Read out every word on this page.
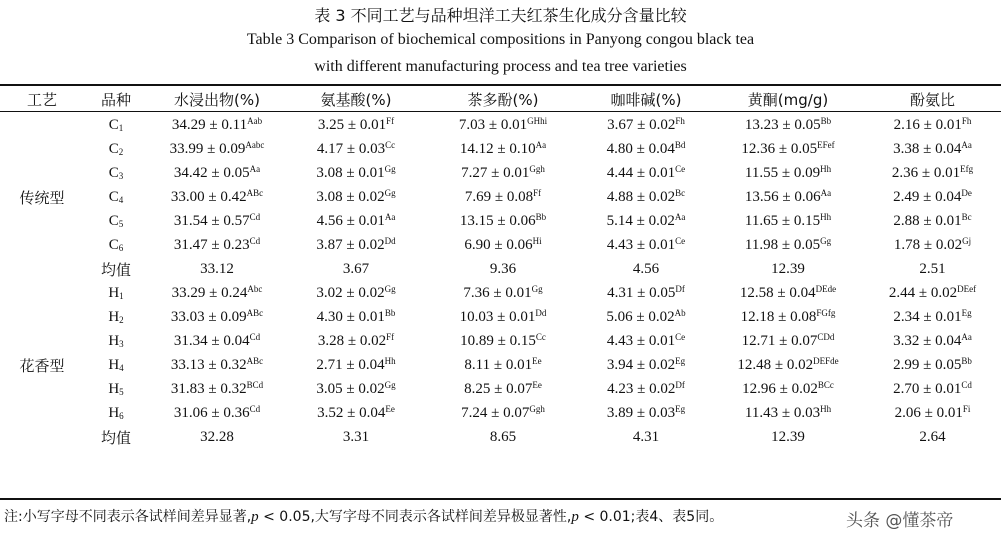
表 3 不同工艺与品种坦洋工夫红茶生化成分含量比较
Table 3 Comparison of biochemical compositions in Panyong congou black tea
with different manufacturing process and tea tree varieties
工艺	品种	水浸出物(%)	氨基酸(%)	茶多酚(%)	咖啡碱(%)	黄酮(mg/g)	酚氨比
传统型	$C_1$	$34.29 \pm 0.11^{Aab}$	$3.25 \pm 0.01^{Ff}$	$7.03 \pm 0.01^{GHhi}$	$3.67 \pm 0.02^{Fh}$	$13.23 \pm 0.05^{Bb}$	$2.16 \pm 0.01^{Fh}$
	$C_2$	$33.99 \pm 0.09^{Aabc}$	$4.17 \pm 0.03^{Cc}$	$14.12 \pm 0.10^{Aa}$	$4.80 \pm 0.04^{Bd}$	$12.36 \pm 0.05^{EFef}$	$3.38 \pm 0.04^{Aa}$
	$C_3$	$34.42 \pm 0.05^{Aa}$	$3.08 \pm 0.01^{Gg}$	$7.27 \pm 0.01^{Ggh}$	$4.44 \pm 0.01^{Ce}$	$11.55 \pm 0.09^{Hh}$	$2.36 \pm 0.01^{Efg}$
	$C_4$	$33.00 \pm 0.42^{ABc}$	$3.08 \pm 0.02^{Gg}$	$7.69 \pm 0.08^{Ff}$	$4.88 \pm 0.02^{Bc}$	$13.56 \pm 0.06^{Aa}$	2.49 ± 0.04De
	$C_5$	$31.54 \pm 0.57^{Cd}$	$4.56 \pm 0.01^{Aa}$	$13.15 \pm 0.06^{Bb}$	$5.14 \pm 0.02^{Aa}$	$11.65 \pm 0.15^{Hh}$	$2.88 \pm 0.01^{Bc}$
	$C_6$	$31.47 \pm 0.23^{Cd}$	$3.87 \pm 0.02^{Dd}$	$6.90 \pm 0.06^{Hi}$	$4.43 \pm 0.01^{Ce}$	$11.98 \pm 0.05^{Gg}$	$1.78 \pm 0.02^{Gj}$
	均值	33.12	3.67	9.36	4.56	12.39	2.51
花香型	$H_1$	$33.29 \pm 0.24^{Abc}$	$3.02 \pm 0.02^{Gg}$	$7.36 \pm 0.01^{Gg}$	$4.31 \pm 0.05^{Df}$	$12.58 \pm 0.04^{DEde}$	$2.44 \pm 0.02^{DEef}$
	$H_2$	$33.03 \pm 0.09^{ABc}$	$4.30 \pm 0.01^{Bb}$	$10.03 \pm 0.01^{Dd}$	$5.06 \pm 0.02^{Ab}$	$12.18 \pm 0.08^{FGfg}$	$2.34 \pm 0.01^{Eg}$
	$H_3$	$31.34 \pm 0.04^{Cd}$	$3.28 \pm 0.02^{Ff}$	$10.89 \pm 0.15^{Cc}$	$4.43 \pm 0.01^{Ce}$	$12.71 \pm 0.07^{CDd}$	$3.32 \pm 0.04^{Aa}$
	$H_4$	$33.13 \pm 0.32^{ABc}$	$2.71 \pm 0.04^{Hh}$	$8.11 \pm 0.01^{Ee}$	$3.94 \pm 0.02^{Eg}$	$12.48 \pm 0.02^{DEFde}$	$2.99 \pm 0.05^{Bb}$
	$H_5$	$31.83 \pm 0.32^{BCd}$	$3.05 \pm 0.02^{Gg}$	$8.25 \pm 0.07^{Ee}$	$4.23 \pm 0.02^{Df}$	$12.96 \pm 0.02^{BCc}$	$2.70 \pm 0.01^{Cd}$
	$H_6$	$31.06 \pm 0.36^{Cd}$	$3.52 \pm 0.04^{Ee}$	$7.24 \pm 0.07^{Ggh}$	$3.89 \pm 0.03^{Eg}$	$11.43 \pm 0.03^{Hh}$	$2.06 \pm 0.01^{Fi}$
	均值	32.28	3.31	8.65	4.31	12.39	2.64
注:小写字母不同表示各试样间差异显著,p < 0.05,大写字母不同表示各试样间差异极显著性,p < 0.01;表4、表5同。	头条 @懂茶帝
